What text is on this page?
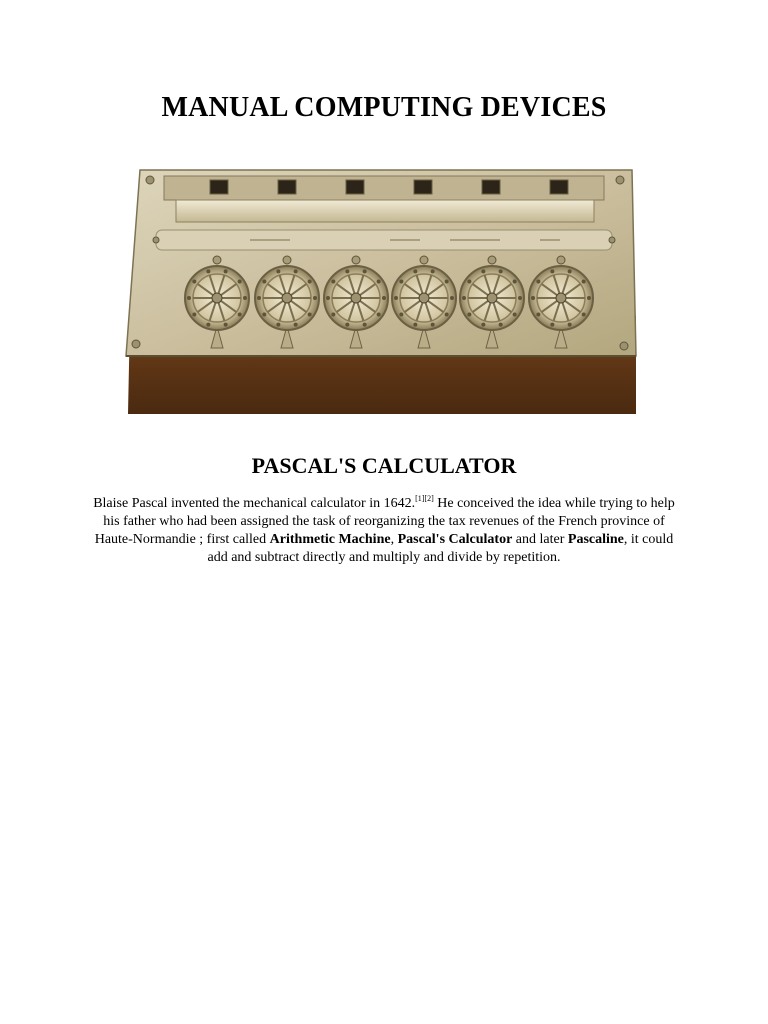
MANUAL COMPUTING DEVICES
PASCAL'S CALCULATOR

Blaise Pascal invented the mechanical calculator in 1642.[1][2] He conceived the idea while trying to help his father who had been assigned the task of reorganizing the tax revenues of the French province of Haute-Normandie ; first called Arithmetic Machine, Pascal's Calculator and later Pascaline, it could add and subtract directly and multiply and divide by repetition.
